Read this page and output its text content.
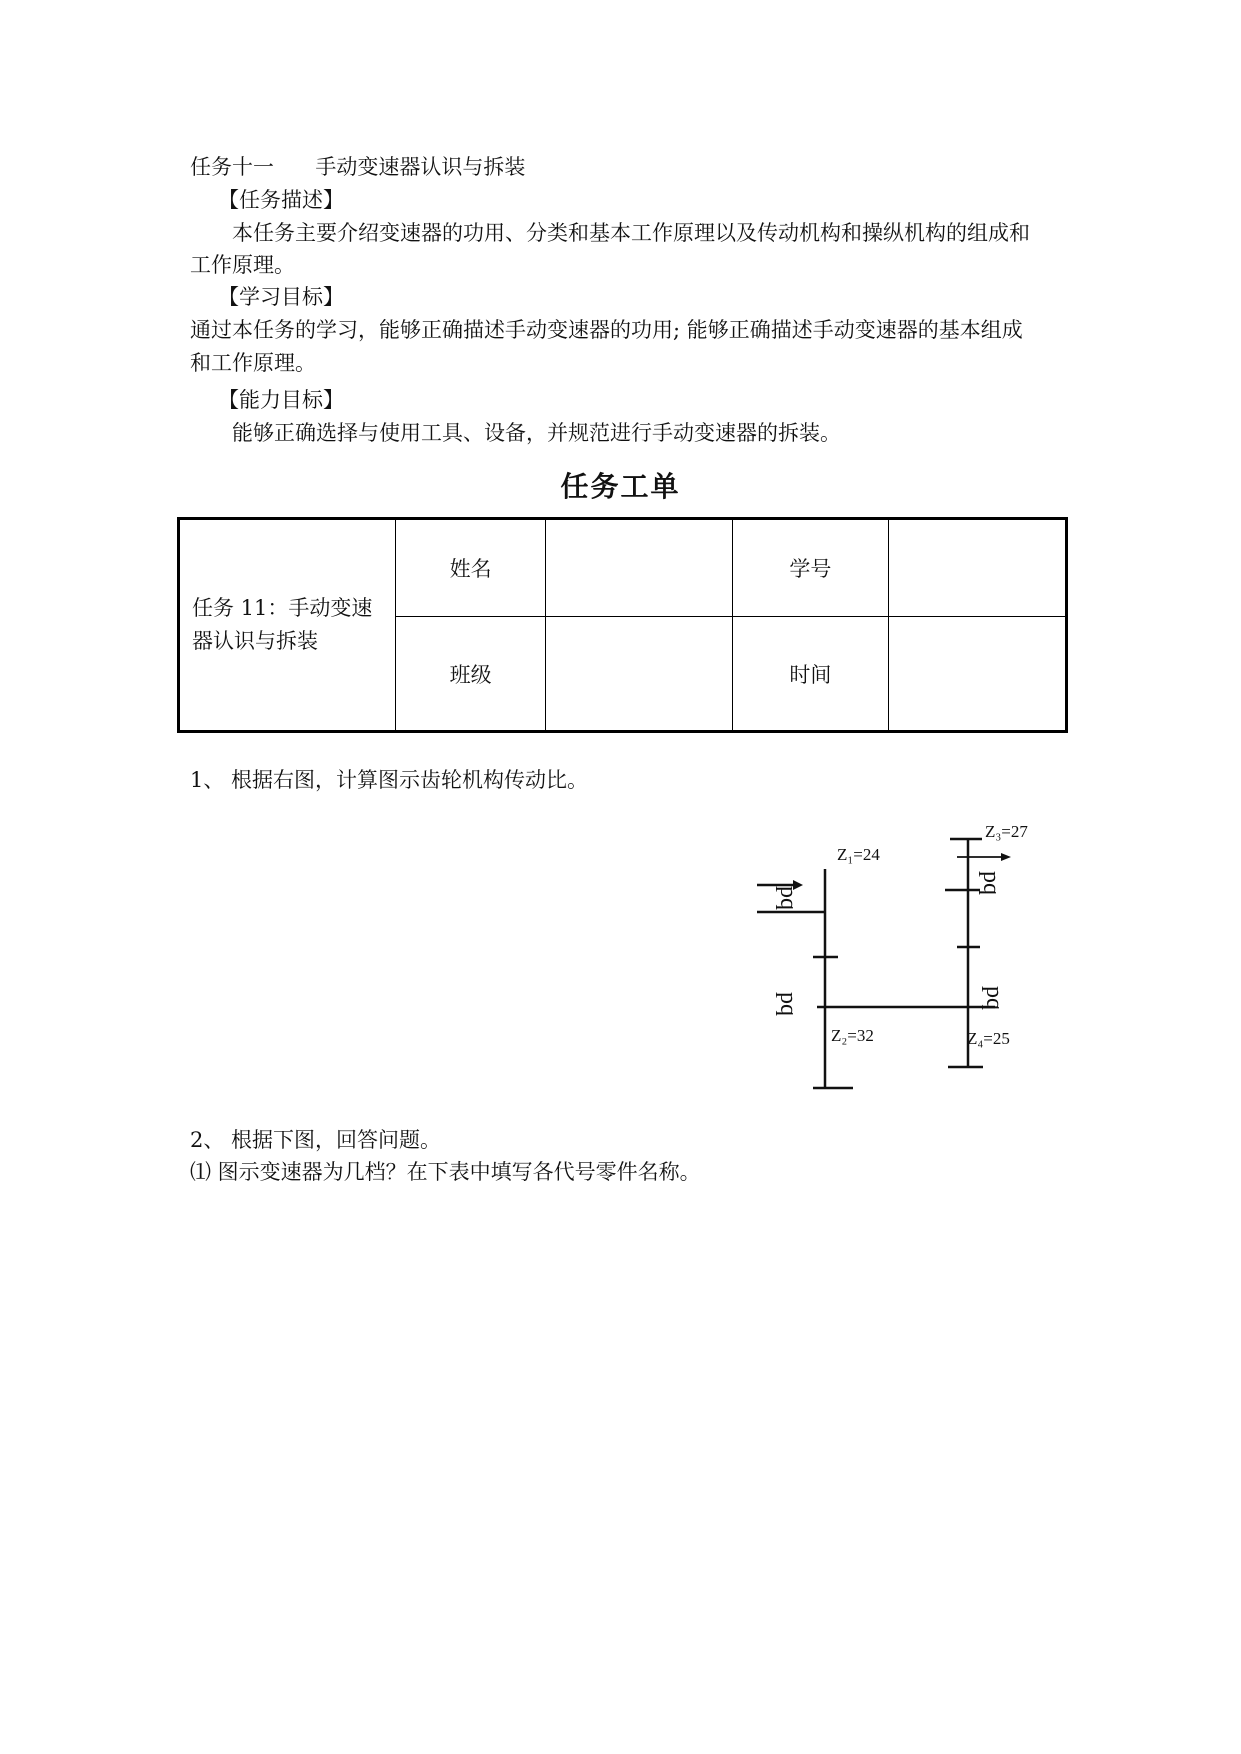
任务十一 手动变速器认识与拆装
【任务描述】
本任务主要介绍变速器的功用、分类和基本工作原理以及传动机构和操纵机构的组成和
工作原理。
【学习目标】
通过本任务的学习，能够正确描述手动变速器的功用; 能够正确描述手动变速器的基本组成
和工作原理。
【能力目标】
能够正确选择与使用工具、设备，并规范进行手动变速器的拆装。
任务工单
任务 11：手动变速
器认识与拆装	姓名		学号	
	班级		时间	
1、 根据右图，计算图示齿轮机构传动比。
pq
pq
pq
pq
Z₁=24
Z₂=32
Z₃=27
Z₄=25
2、 根据下图，回答问题。
⑴ 图示变速器为几档？在下表中填写各代号零件名称。
